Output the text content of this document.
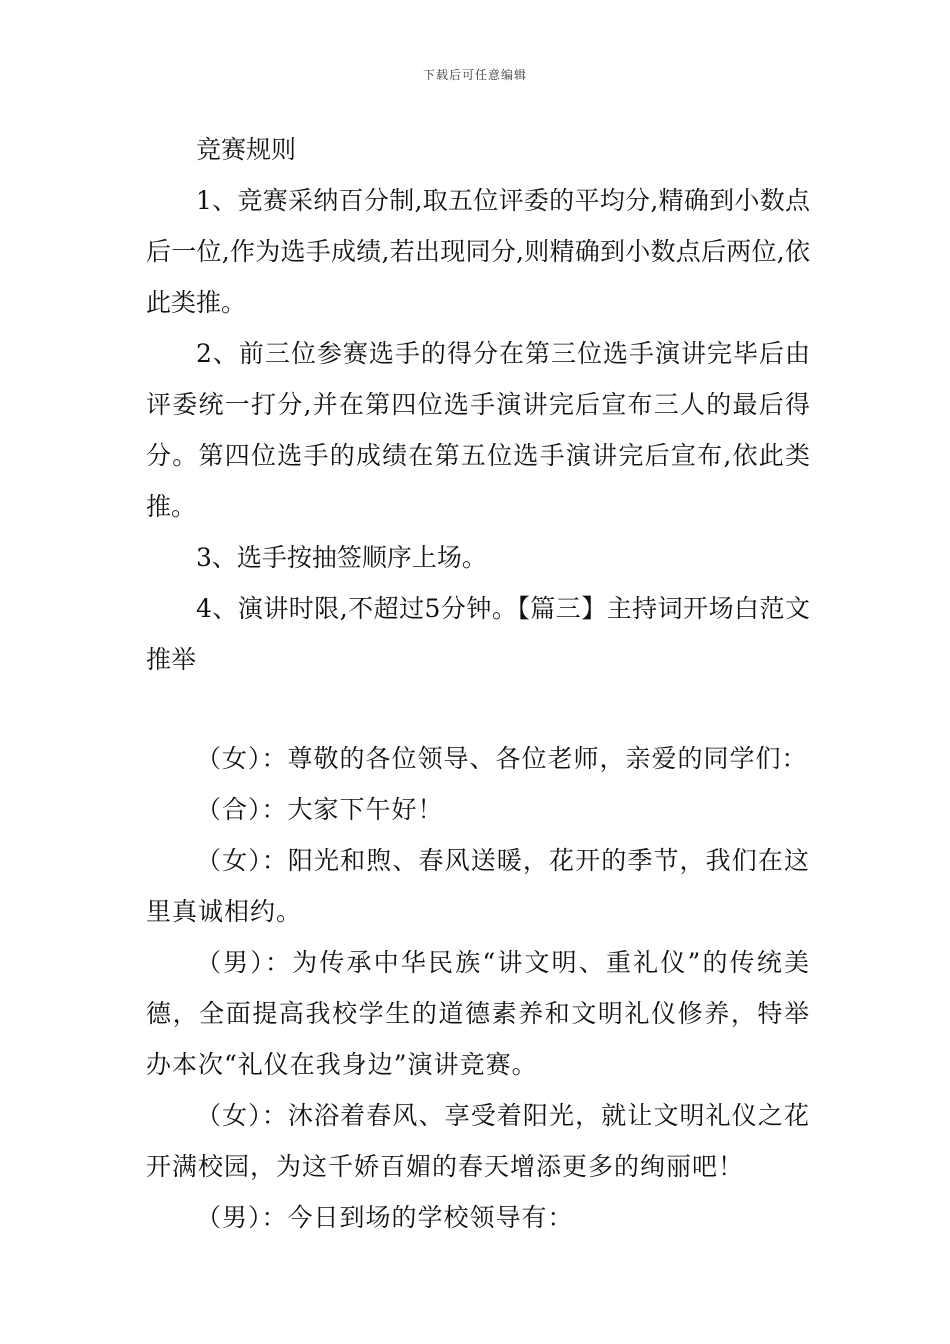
下载后可任意编辑

竞赛规则

1、竞赛采纳百分制,取五位评委的平均分,精确到小数点后一位,作为选手成绩,若出现同分,则精确到小数点后两位,依此类推。

2、前三位参赛选手的得分在第三位选手演讲完毕后由评委统一打分,并在第四位选手演讲完后宣布三人的最后得分。第四位选手的成绩在第五位选手演讲完后宣布,依此类推。

3、选手按抽签顺序上场。

4、演讲时限,不超过5分钟。【篇三】主持词开场白范文推举

（女）：尊敬的各位领导、各位老师，亲爱的同学们：

（合）：大家下午好！

（女）：阳光和煦、春风送暖，花开的季节，我们在这里真诚相约。

（男）：为传承中华民族“讲文明、重礼仪”的传统美德，全面提高我校学生的道德素养和文明礼仪修养，特举办本次“礼仪在我身边”演讲竞赛。

（女）：沐浴着春风、享受着阳光，就让文明礼仪之花开满校园，为这千娇百媚的春天增添更多的绚丽吧！

（男）：今日到场的学校领导有：
